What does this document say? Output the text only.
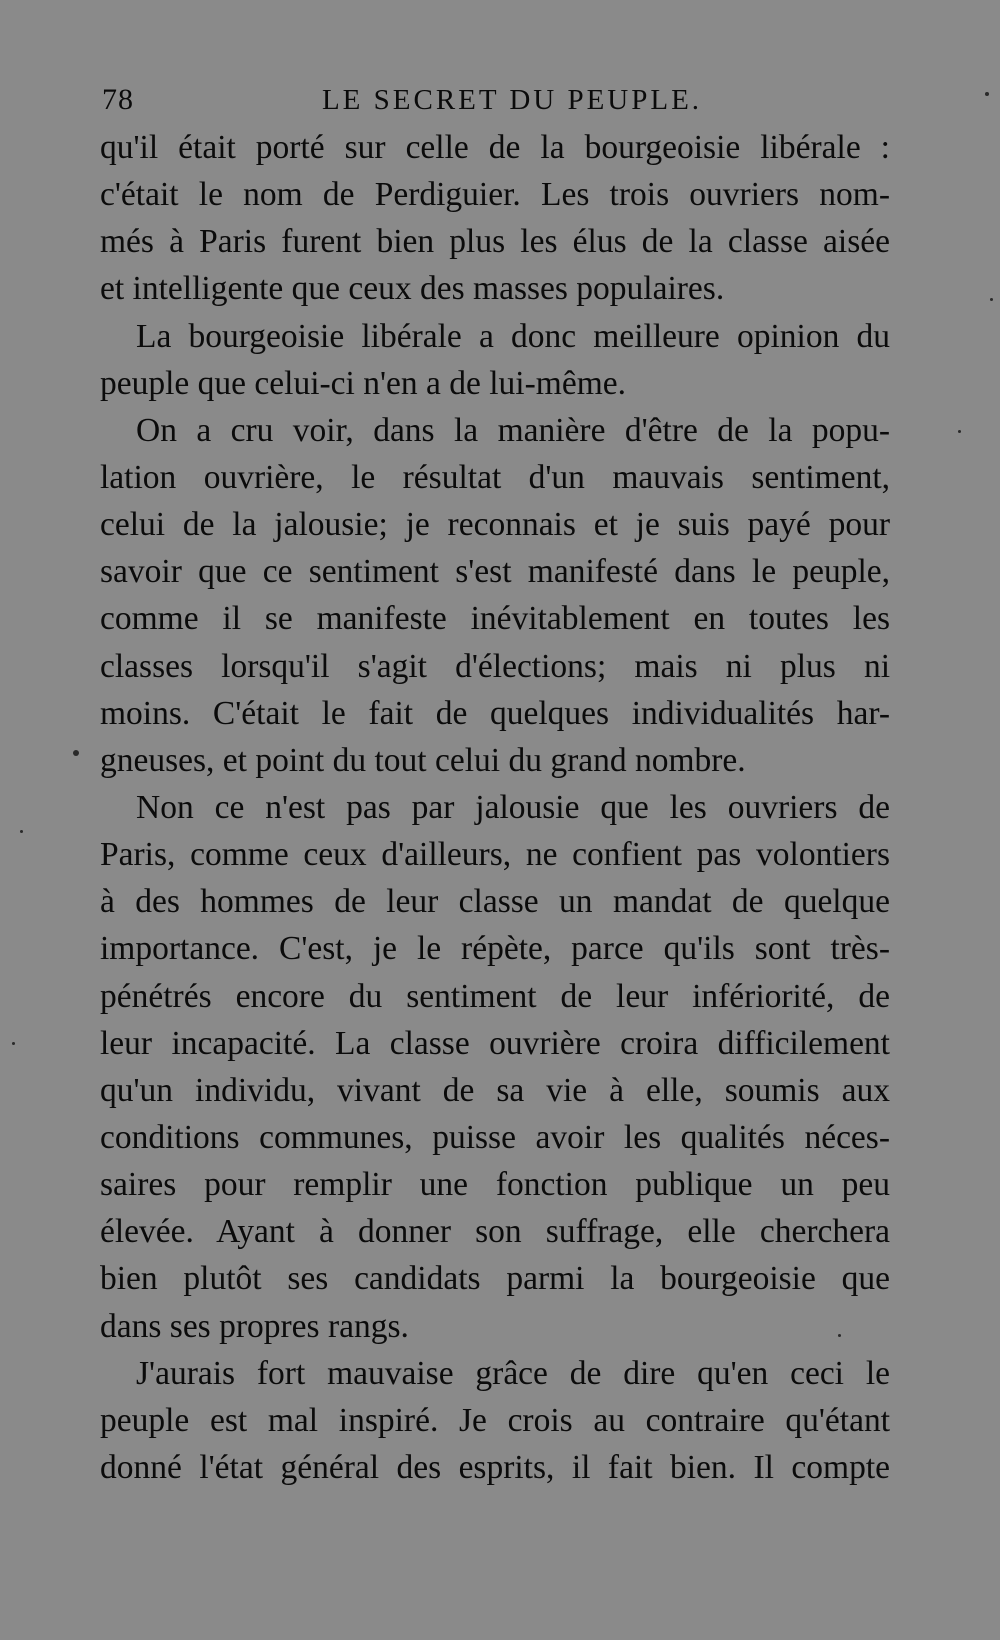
78	LE SECRET DU PEUPLE.
qu'il était porté sur celle de la bourgeoisie libérale :
c'était le nom de Perdiguier. Les trois ouvriers nom-
més à Paris furent bien plus les élus de la classe aisée
et intelligente que ceux des masses populaires.
La bourgeoisie libérale a donc meilleure opinion du
peuple que celui-ci n'en a de lui-même.
On a cru voir, dans la manière d'être de la popu-
lation ouvrière, le résultat d'un mauvais sentiment,
celui de la jalousie; je reconnais et je suis payé pour
savoir que ce sentiment s'est manifesté dans le peuple,
comme il se manifeste inévitablement en toutes les
classes lorsqu'il s'agit d'élections; mais ni plus ni
moins. C'était le fait de quelques individualités har-
gneuses, et point du tout celui du grand nombre.
Non ce n'est pas par jalousie que les ouvriers de
Paris, comme ceux d'ailleurs, ne confient pas volontiers
à des hommes de leur classe un mandat de quelque
importance. C'est, je le répète, parce qu'ils sont très-
pénétrés encore du sentiment de leur infériorité, de
leur incapacité. La classe ouvrière croira difficilement
qu'un individu, vivant de sa vie à elle, soumis aux
conditions communes, puisse avoir les qualités néces-
saires pour remplir une fonction publique un peu
élevée. Ayant à donner son suffrage, elle cherchera
bien plutôt ses candidats parmi la bourgeoisie que
dans ses propres rangs.
J'aurais fort mauvaise grâce de dire qu'en ceci le
peuple est mal inspiré. Je crois au contraire qu'étant
donné l'état général des esprits, il fait bien. Il compte
